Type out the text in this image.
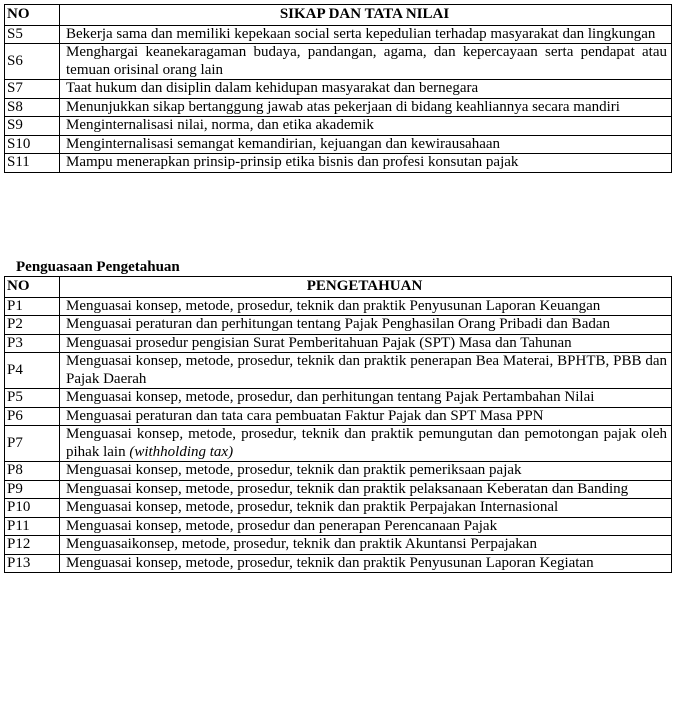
NO	SIKAP DAN TATA NILAI
S5	Bekerja sama dan memiliki kepekaan social serta kepedulian terhadap masyarakat dan lingkungan
S6	Menghargai keanekaragaman budaya, pandangan, agama, dan kepercayaan serta pendapat atau temuan orisinal orang lain
S7	Taat hukum dan disiplin dalam kehidupan masyarakat dan bernegara
S8	Menunjukkan sikap bertanggung jawab atas pekerjaan di bidang keahliannya secara mandiri
S9	Menginternalisasi nilai, norma, dan etika akademik
S10	Menginternalisasi semangat kemandirian, kejuangan dan kewirausahaan
S11	Mampu menerapkan prinsip-prinsip etika bisnis dan profesi konsutan pajak
Penguasaan Pengetahuan
NO	PENGETAHUAN
P1	Menguasai konsep, metode, prosedur, teknik dan praktik Penyusunan Laporan Keuangan
P2	Menguasai peraturan dan perhitungan tentang Pajak Penghasilan Orang Pribadi dan Badan
P3	Menguasai prosedur pengisian Surat Pemberitahuan Pajak (SPT) Masa dan Tahunan
P4	Menguasai konsep, metode, prosedur, teknik dan praktik penerapan Bea Materai, BPHTB, PBB dan Pajak Daerah
P5	Menguasai konsep, metode, prosedur, dan perhitungan tentang Pajak Pertambahan Nilai
P6	Menguasai peraturan dan tata cara pembuatan Faktur Pajak dan SPT Masa PPN
P7	Menguasai konsep, metode, prosedur, teknik dan praktik pemungutan dan pemotongan pajak oleh pihak lain (withholding tax)
P8	Menguasai konsep, metode, prosedur, teknik dan praktik pemeriksaan pajak
P9	Menguasai konsep, metode, prosedur, teknik dan praktik pelaksanaan Keberatan dan Banding
P10	Menguasai konsep, metode, prosedur, teknik dan praktik Perpajakan Internasional
P11	Menguasai konsep, metode, prosedur dan penerapan Perencanaan Pajak
P12	Menguasaikonsep, metode, prosedur, teknik dan praktik Akuntansi Perpajakan
P13	Menguasai konsep, metode, prosedur, teknik dan praktik Penyusunan Laporan Kegiatan
